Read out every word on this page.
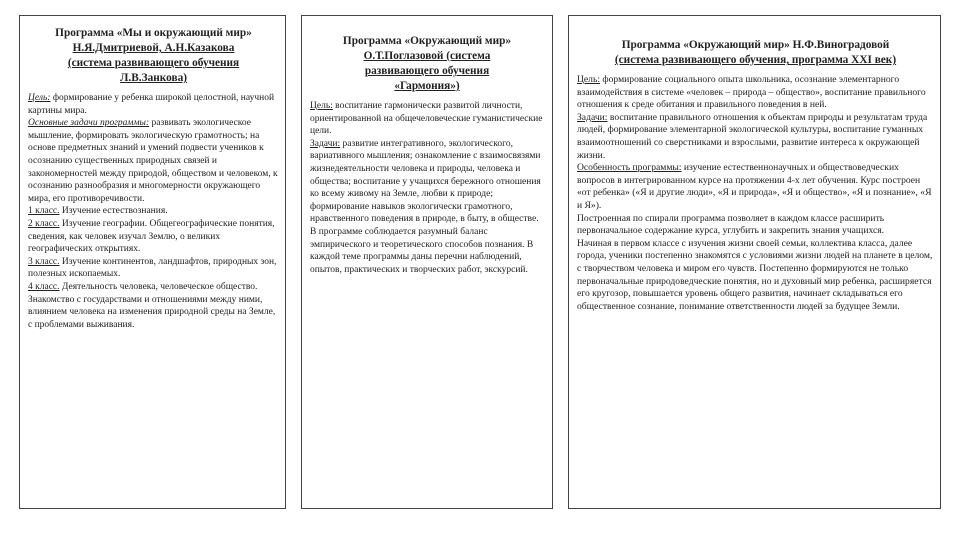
Программа «Мы и окружающий мир»
Н.Я.Дмитриевой, А.Н.Казакова
(система развивающего обучения
Л.В.Занкова)

Цель: формирование у ребенка широкой целостной, научной картины мира.

Основные задачи программы: развивать экологическое мышление, формировать экологическую грамотность; на основе предметных знаний и умений подвести учеников к осознанию существенных природных связей и закономерностей между природой, обществом и человеком, к осознанию разнообразия и многомерности окружающего мира, его противоречивости.

1 класс. Изучение естествознания.

2 класс. Изучение географии. Общегеографические понятия, сведения, как человек изучал Землю, о великих географических открытиях.

3 класс. Изучение континентов, ландшафтов, природных зон, полезных ископаемых.

4 класс. Деятельность человека, человеческое общество. Знакомство с государствами и отношениями между ними, влиянием человека на изменения природной среды на Земле, с проблемами выживания.

Программа «Окружающий мир»
О.Т.Поглазовой (система
развивающего обучения
«Гармония»)

Цель: воспитание гармонически развитой личности, ориентированной на общечеловеческие гуманистические цели.

Задачи: развитие интегративного, экологического, вариативного мышления; ознакомление с взаимосвязями жизнедеятельности человека и природы, человека и общества; воспитание у учащихся бережного отношения ко всему живому на Земле, любви к природе; формирование навыков экологически грамотного, нравственного поведения в природе, в быту, в обществе.

В программе соблюдается разумный баланс эмпирического и теоретического способов познания. В каждой теме программы даны перечни наблюдений, опытов, практических и творческих работ, экскурсий.

Программа «Окружающий мир» Н.Ф.Виноградовой
(система развивающего обучения, программа XXI век)

Цель: формирование социального опыта школьника, осознание элементарного взаимодействия в системе «человек – природа – общество», воспитание правильного отношения к среде обитания и правильного поведения в ней.

Задачи: воспитание правильного отношения к объектам природы и результатам труда людей, формирование элементарной экологической культуры, воспитание гуманных взаимоотношений со сверстниками и взрослыми, развитие интереса к окружающей жизни.

Особенность программы: изучение естественнонаучных и обществоведческих вопросов в интегрированном курсе на протяжении 4-х лет обучения. Курс построен «от ребенка» («Я и другие люди», «Я и природа», «Я и общество», «Я и познание», «Я и Я»).

Построенная по спирали программа позволяет в каждом классе расширить первоначальное содержание курса, углубить и закрепить знания учащихся.

Начиная в первом классе с изучения жизни своей семьи, коллектива класса, далее города, ученики постепенно знакомятся с условиями жизни людей на планете в целом, с творчеством человека и миром его чувств. Постепенно формируются не только первоначальные природоведческие понятия, но и духовный мир ребенка, расширяется его кругозор, повышается уровень общего развития, начинает складываться его общественное сознание, понимание ответственности людей за будущее Земли.
